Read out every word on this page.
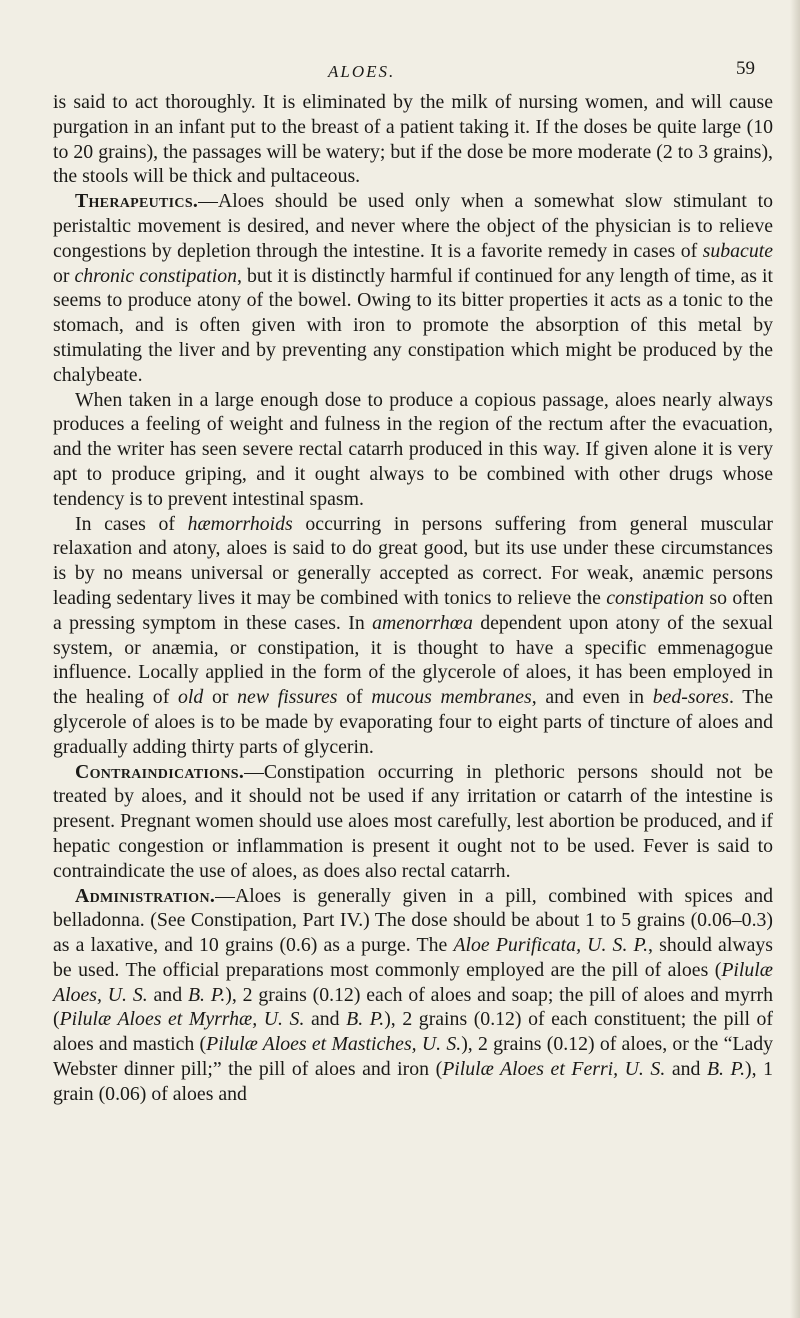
ALOES.	59

is said to act thoroughly. It is eliminated by the milk of nursing women, and will cause purgation in an infant put to the breast of a patient taking it. If the doses be quite large (10 to 20 grains), the passages will be watery; but if the dose be more moderate (2 to 3 grains), the stools will be thick and pultaceous.

Therapeutics.—Aloes should be used only when a somewhat slow stimulant to peristaltic movement is desired, and never where the object of the physician is to relieve congestions by depletion through the intestine. It is a favorite remedy in cases of subacute or chronic constipation, but it is distinctly harmful if continued for any length of time, as it seems to produce atony of the bowel. Owing to its bitter properties it acts as a tonic to the stomach, and is often given with iron to promote the absorption of this metal by stimulating the liver and by preventing any constipation which might be produced by the chalybeate.

When taken in a large enough dose to produce a copious passage, aloes nearly always produces a feeling of weight and fulness in the region of the rectum after the evacuation, and the writer has seen severe rectal catarrh produced in this way. If given alone it is very apt to produce griping, and it ought always to be combined with other drugs whose tendency is to prevent intestinal spasm.

In cases of hæmorrhoids occurring in persons suffering from general muscular relaxation and atony, aloes is said to do great good, but its use under these circumstances is by no means universal or generally accepted as correct. For weak, anæmic persons leading sedentary lives it may be combined with tonics to relieve the constipation so often a pressing symptom in these cases. In amenorrhœa dependent upon atony of the sexual system, or anæmia, or constipation, it is thought to have a specific emmenagogue influence. Locally applied in the form of the glycerole of aloes, it has been employed in the healing of old or new fissures of mucous membranes, and even in bed-sores. The glycerole of aloes is to be made by evaporating four to eight parts of tincture of aloes and gradually adding thirty parts of glycerin.

Contraindications.—Constipation occurring in plethoric persons should not be treated by aloes, and it should not be used if any irritation or catarrh of the intestine is present. Pregnant women should use aloes most carefully, lest abortion be produced, and if hepatic congestion or inflammation is present it ought not to be used. Fever is said to contraindicate the use of aloes, as does also rectal catarrh.

Administration.—Aloes is generally given in a pill, combined with spices and belladonna. (See Constipation, Part IV.) The dose should be about 1 to 5 grains (0.06–0.3) as a laxative, and 10 grains (0.6) as a purge. The Aloe Purificata, U. S. P., should always be used. The official preparations most commonly employed are the pill of aloes (Pilulæ Aloes, U. S. and B. P.), 2 grains (0.12) each of aloes and soap; the pill of aloes and myrrh (Pilulæ Aloes et Myrrhæ, U. S. and B. P.), 2 grains (0.12) of each constituent; the pill of aloes and mastich (Pilulæ Aloes et Mastiches, U. S.), 2 grains (0.12) of aloes, or the “Lady Webster dinner pill;” the pill of aloes and iron (Pilulæ Aloes et Ferri, U. S. and B. P.), 1 grain (0.06) of aloes and
